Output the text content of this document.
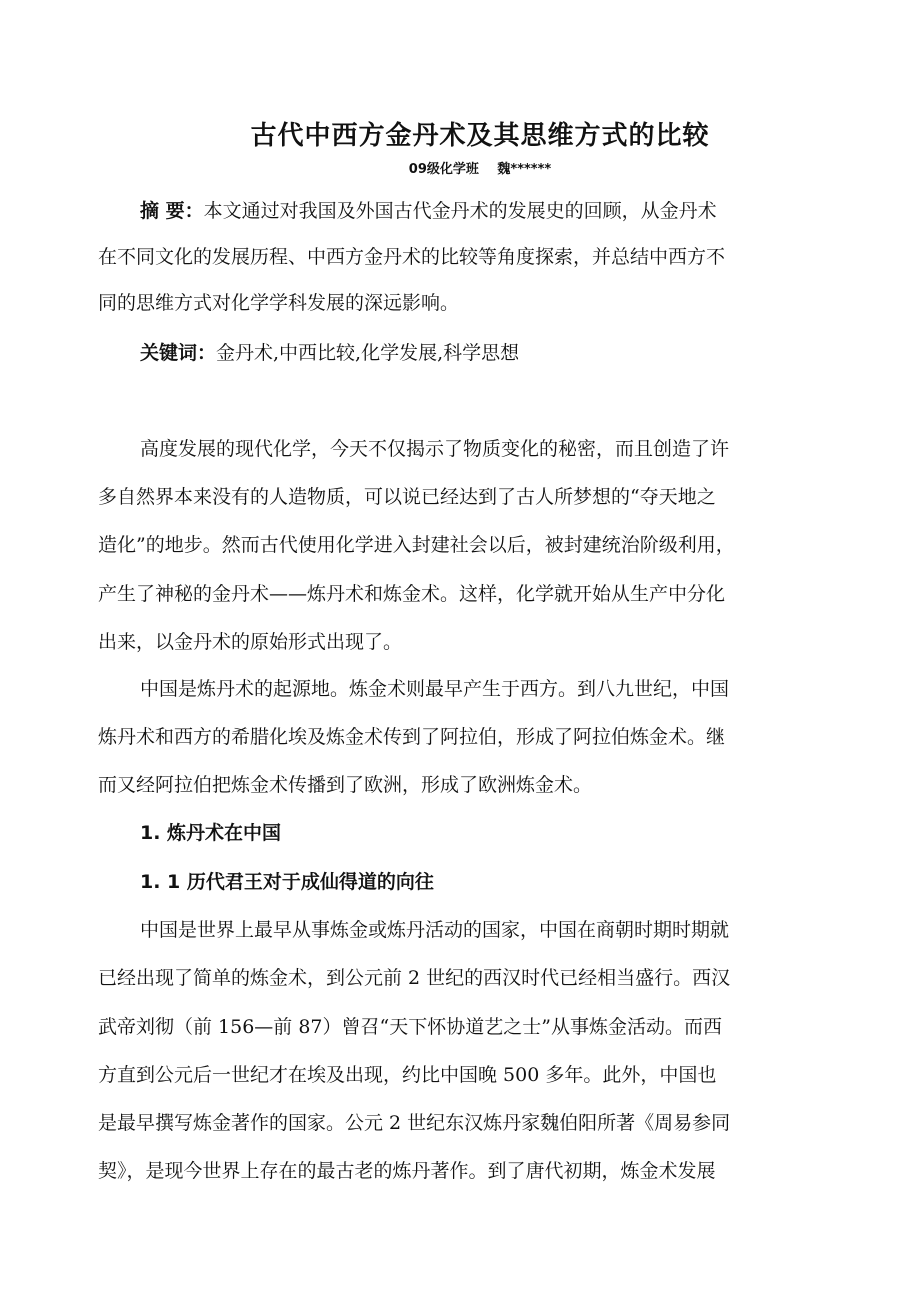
古代中西方金丹术及其思维方式的比较
09级化学班 魏******
摘 要：本文通过对我国及外国古代金丹术的发展史的回顾，从金丹术
在不同文化的发展历程、中西方金丹术的比较等角度探索，并总结中西方不
同的思维方式对化学学科发展的深远影响。
关键词：金丹术,中西比较,化学发展,科学思想
高度发展的现代化学，今天不仅揭示了物质变化的秘密，而且创造了许
多自然界本来没有的人造物质，可以说已经达到了古人所梦想的“夺天地之
造化”的地步。然而古代使用化学进入封建社会以后，被封建统治阶级利用，
产生了神秘的金丹术——炼丹术和炼金术。这样，化学就开始从生产中分化
出来，以金丹术的原始形式出现了。
中国是炼丹术的起源地。炼金术则最早产生于西方。到八九世纪，中国
炼丹术和西方的希腊化埃及炼金术传到了阿拉伯，形成了阿拉伯炼金术。继
而又经阿拉伯把炼金术传播到了欧洲，形成了欧洲炼金术。
1. 炼丹术在中国
1. 1 历代君王对于成仙得道的向往
中国是世界上最早从事炼金或炼丹活动的国家，中国在商朝时期时期就
已经出现了简单的炼金术，到公元前 2 世纪的西汉时代已经相当盛行。西汉
武帝刘彻（前 156—前 87）曾召“天下怀协道艺之士”从事炼金活动。而西
方直到公元后一世纪才在埃及出现，约比中国晚 500 多年。此外，中国也
是最早撰写炼金著作的国家。公元 2 世纪东汉炼丹家魏伯阳所著《周易参同
契》，是现今世界上存在的最古老的炼丹著作。到了唐代初期，炼金术发展
